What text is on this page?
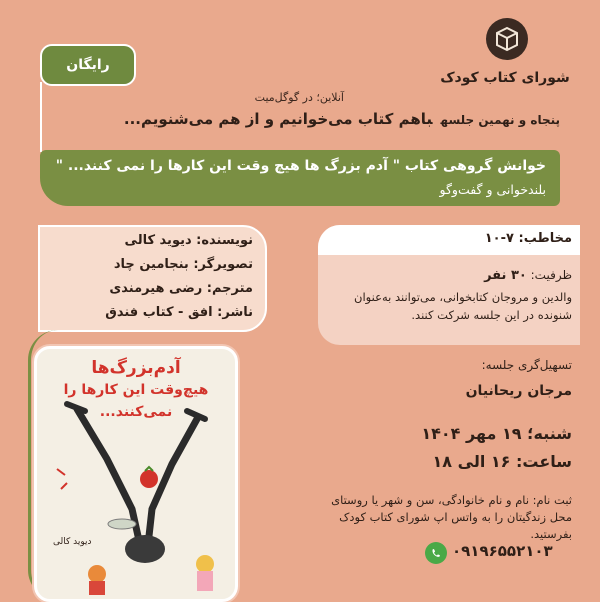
شورای کتاب کودک
رایگان
آنلاین؛ در گوگل‌میت
پنجاه و نهمین جلسهباهم کتاب می‌خوانیم و از هم می‌شنویم...
خوانش گروهی کتاب " آدم بزرگ ها هیچ وقت این کارها را نمی کنند... "
بلندخوانی و گفت‌وگو
نویسنده: دیوید کالی
تصویرگر: بنجامین چاد
مترجم: رضی هیرمندی
ناشر: افق - کتاب فندق
مخاطب: ۷-۱۰
ظرفیت: ۳۰ نفر
والدین و مروجان کتابخوانی، می‌توانند به‌عنوان شنونده در این جلسه شرکت کنند.
تسهیل‌گری جلسه:
مرجان ریحانیان
شنبه؛ ۱۹ مهر ۱۴۰۴
ساعت: ۱۶ الی ۱۸
ثبت نام: نام و نام خانوادگی، سن و شهر یا روستای محل زندگیتان را به واتس اپ شورای کتاب کودک بفرستید.
۰۹۱۹۶۵۵۲۱۰۳
آدم‌بزرگ‌ها
هیچ‌وقت این کارها را
نمی‌کنند...
دیوید کالی
